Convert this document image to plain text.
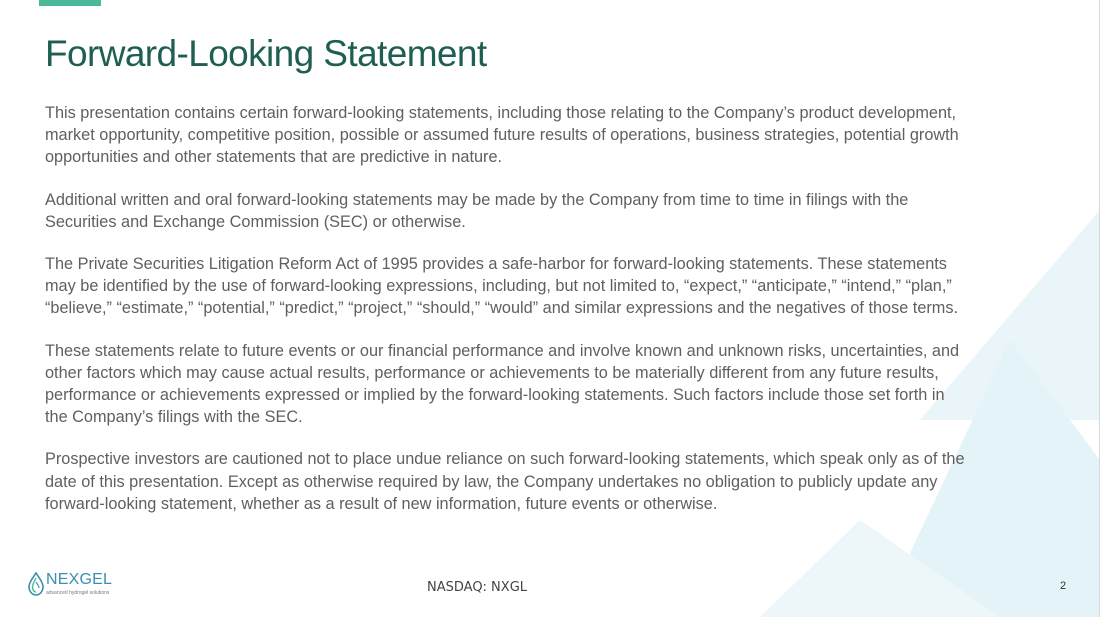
Forward-Looking Statement

This presentation contains certain forward-looking statements, including those relating to the Company’s product development, market opportunity, competitive position, possible or assumed future results of operations, business strategies, potential growth opportunities and other statements that are predictive in nature.

Additional written and oral forward-looking statements may be made by the Company from time to time in filings with the Securities and Exchange Commission (SEC) or otherwise.

The Private Securities Litigation Reform Act of 1995 provides a safe-harbor for forward-looking statements. These statements may be identified by the use of forward-looking expressions, including, but not limited to, “expect,” “anticipate,” “intend,” “plan,” “believe,” “estimate,” “potential,” “predict,” “project,” “should,” “would” and similar expressions and the negatives of those terms.

These statements relate to future events or our financial performance and involve known and unknown risks, uncertainties, and other factors which may cause actual results, performance or achievements to be materially different from any future results, performance or achievements expressed or implied by the forward-looking statements. Such factors include those set forth in the Company’s filings with the SEC.

Prospective investors are cautioned not to place undue reliance on such forward-looking statements, which speak only as of the date of this presentation. Except as otherwise required by law, the Company undertakes no obligation to publicly update any forward-looking statement, whether as a result of new information, future events or otherwise.

NEXGEL
advanced hydrogel solutions	NASDAQ: NXGL	2
